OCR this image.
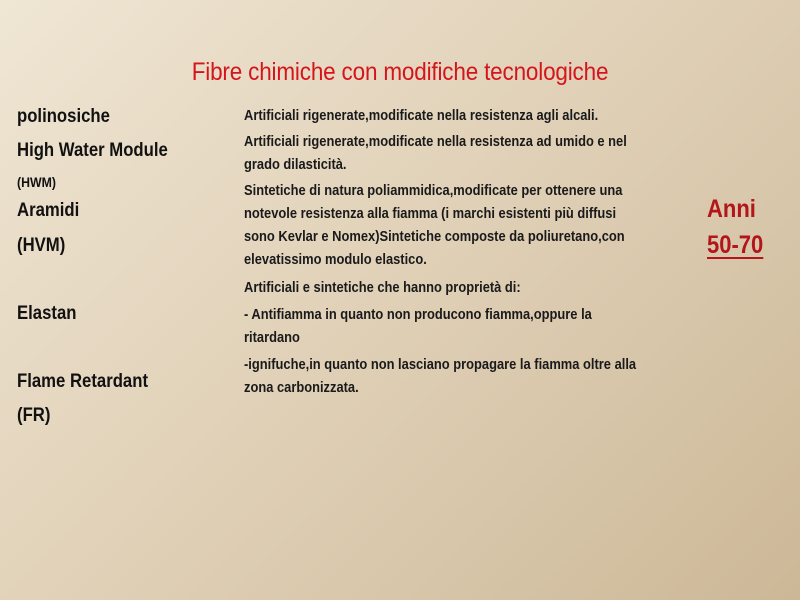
Fibre chimiche con modifiche tecnologiche
polinosiche
High Water Module
(HWM)
Aramidi
(HVM)
Elastan
Flame Retardant
(FR)
Artificiali rigenerate,modificate nella resistenza agli alcali.
Artificiali rigenerate,modificate nella resistenza ad umido e nel
grado dilasticità.
Sintetiche di natura poliammidica,modificate per ottenere una
notevole resistenza alla fiamma (i marchi esistenti più diffusi
sono Kevlar e Nomex)Sintetiche composte da poliuretano,con
elevatissimo modulo elastico.
Artificiali e sintetiche che hanno proprietà di:
- Antifiamma in quanto non producono fiamma,oppure la
ritardano
-ignifuche,in quanto non lasciano propagare la fiamma oltre alla
zona carbonizzata.
Anni
50-70
